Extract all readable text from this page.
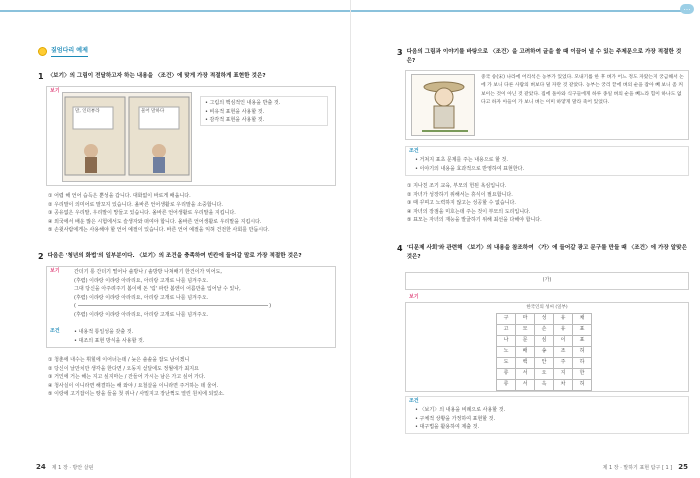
짚엄다리 예제
1 〈보기〉의 그림이 전달하고자 하는 내용을 〈조건〉에 맞게 가장 적절하게 표현한 것은?
보기
말, 인터뷰라	물어 말하다
• 그림의 핵심적인 내용을 반출 것.
• 비유적 표현을 사용할 것.
• 감각적 표현을 사용할 것.
① 어렵 해 언어 습득은 뿐성을 갑니다. 대화없이 바로게 배웁니다.
② 우리말이 의미어로 말꼬지 있습니다. 올바른 언어생활로 우리말을 소중합니다.
③ 공유없은 우리말, 우리말이 망들고 있습니다. 올바른 언어생활로 우리말을 지킵니다.
④ 외국에서 배운 많은 시험에서도 슬생자와 떠여야 합니다. 올바른 언어생활로 우리말을 지킵시다.
⑤ 손윗사람에게는 사용해야 할 언어 예절이 있습니다. 바른 언어 예절을 익혀 건전한 사회를 만듭시다.
2 다음은 '청년의 화법'의 일부분이다. 〈보기〉의 조건을 충족하여 빈칸에 들어갈 말로 가장 적절한 것은?
보기	간더기 롱 간더기 떨어나 솔방나 / 솔방방 나쳐배기 한건이가 익어도,
(후렴) 이랴랑 이랴랑 아라리요, 아리랑 고개로 나를 넘겨주오.
그대 당신을 아주려주기 봄이에 돈 '림' 파란 봄엔이 어름만을 입어날 수 있나,
(후렴) 이랴랑 이랴랑 아라리요, 아리랑 고개로 나를 넘겨주오.
(	)
(후렴) 이랴랑 이랴랑 아라리요, 아리랑 고개로 나를 넘겨주오.
조건	• 내용적 통일성을 갖출 것.
• 대조의 표현 방식을 사용할 것.
① 청춘에 내수는 휘힐에 이어너는데 / 늦은 솔솔을 잡도 남이겠니
② 당신이 날만치만 생각을 한다면 / 오동지 섣달에도 정월에가 최지요
③ 거인에 거는 해는 지고 싶지마는 / 잔들어 가시는 남은 가고 싶어 가다.
④ 청사실이 이니라면 해결하는 해 와야 / 요철살을 이니라면 주거하는 데 울어.
⑤ 이랑에 고기잡이는 땅을 들을 첫 쥐나 / 사밀지고 장난쩍도 열린 원치에 되었소.
24 제 1 장 · 방안 살핀
…
3 다음의 그림과 이야기를 바탕으로 〈조건〉을 고려하여 글을 쓸 때 이끌어 낼 수 있는 주제문으로 가장 적절한 것은?
중국 송(宋) 나라에 어리석은 농부가 있었다. 모내기를 한 후 벼가 어느 정도 자랐는지 궁금해서 논에 가 보니 다른 사람의 벼보다 덜 자란 것 같았다. 농부는 궁리 끝에 벼의 순을 잡아 빼 보니 좀 커보이는 것이 아닌 것 같았다. 집에 돌아와 식구들에게 하루 종일 벼의 순을 빼느라 힘이 하나도 없다고 하자 아들이 가 보니 벼는 이미 하얗게 말라 죽어 있었다.
조건
• 거쳐지 표초 문제를 주는 내용으로 할 것.
• 이야기의 내용을 효과적으로 반영하여 표현한다.
① 지나친 조기 교육, 부모의 헌된 욕심입니다.
② 자녀가 성장하기 위해서는 휴식이 필요합니다.
③ 때 꾸며고 노력하지 않고는 성공할 수 없습니다.
④ 자녀의 장점을 미호는데 주는 것이 부모의 도리입니다.
⑤ 표모는 자녀의 재능을 발굴하기 위해 최선을 다해야 합니다.
4 '디문제 사회'와 관련해 〈보기〉의 내용을 참조하여 〈가〉에 들어갈 광고 문구를 만들 때 〈조건〉에 가장 알맞은 것은?
(가)
보기
한국인의 성씨 (일부)
구	마	성	유	채
고	모	손	유	표
나	문	심	이	표
노	배	송	조	허
도	백	안	주	하
류	서	오	지	한
류	서	옥	차	허
조건
• 〈보기〉의 내용을 비례으로 사용할 것.
• 구체적 상황을 가정하여 표현할 것.
• 대구법을 활용하여 제출 것.
제 1 장 · 말하기 표현 탐구 [ 1 ] 25
